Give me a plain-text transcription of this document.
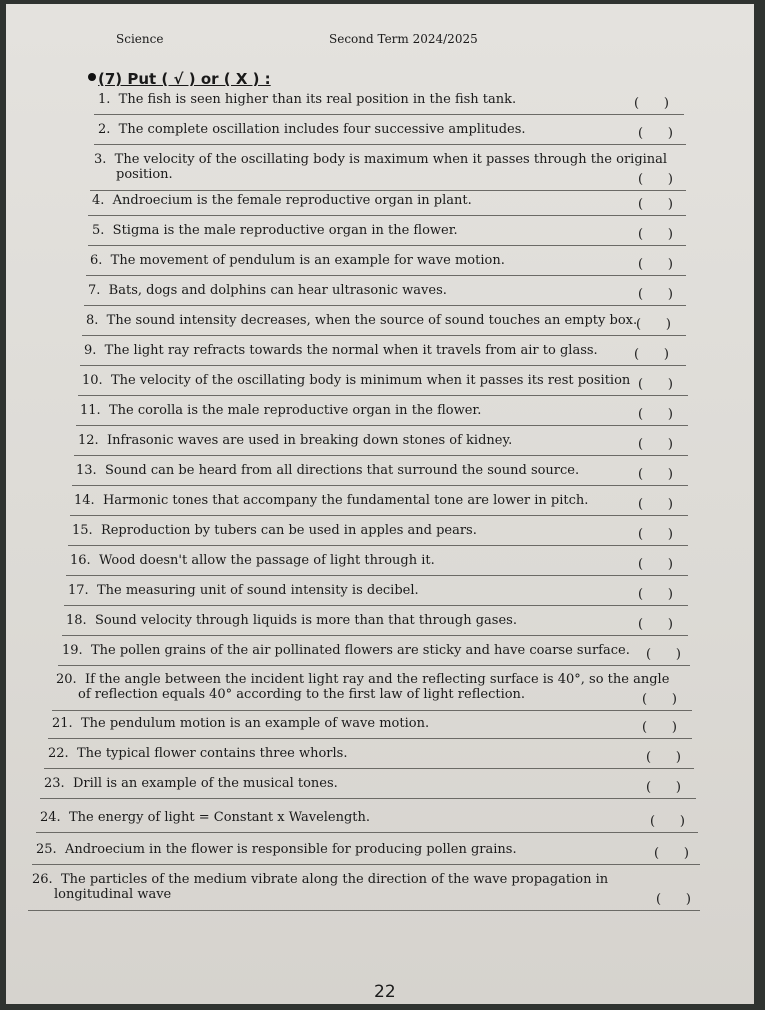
Science	Second Term 2024/2025
(7) Put ( √ ) or ( X ) :
1. The fish is seen higher than its real position in the fish tank.	(      )
2. The complete oscillation includes four successive amplitudes.	(      )
3. The velocity of the oscillating body is maximum when it passes through the original
position.	(      )
4. Androecium is the female reproductive organ in plant.	(      )
5. Stigma is the male reproductive organ in the flower.	(      )
6. The movement of pendulum is an example for wave motion.	(      )
7. Bats, dogs and dolphins can hear ultrasonic waves.	(      )
8. The sound intensity decreases, when the source of sound touches an empty box.
(      )
9. The light ray refracts towards the normal when it travels from air to glass.	(      )
10. The velocity of the oscillating body is minimum when it passes its rest position (      )
11. The corolla is the male reproductive organ in the flower.	(      )
12. Infrasonic waves are used in breaking down stones of kidney.	(      )
13. Sound can be heard from all directions that surround the sound source.	(      )
14. Harmonic tones that accompany the fundamental tone are lower in pitch.	(      )
15. Reproduction by tubers can be used in apples and pears.	(      )
16. Wood doesn't allow the passage of light through it.	(      )
17. The measuring unit of sound intensity is decibel.	(      )
18. Sound velocity through liquids is more than that through gases.	(      )
19. The pollen grains of the air pollinated flowers are sticky and have coarse surface.	(      )
20. If the angle between the incident light ray and the reflecting surface is 40°, so the angle
of reflection equals 40° according to the first law of light reflection.	(      )
21. The pendulum motion is an example of wave motion.	(      )
22. The typical flower contains three whorls.	(      )
23. Drill is an example of the musical tones.	(      )
24. The energy of light = Constant x Wavelength.	(      )
25. Androecium in the flower is responsible for producing pollen grains.	(      )
26. The particles of the medium vibrate along the direction of the wave propagation in
longitudinal wave	(      )
22
